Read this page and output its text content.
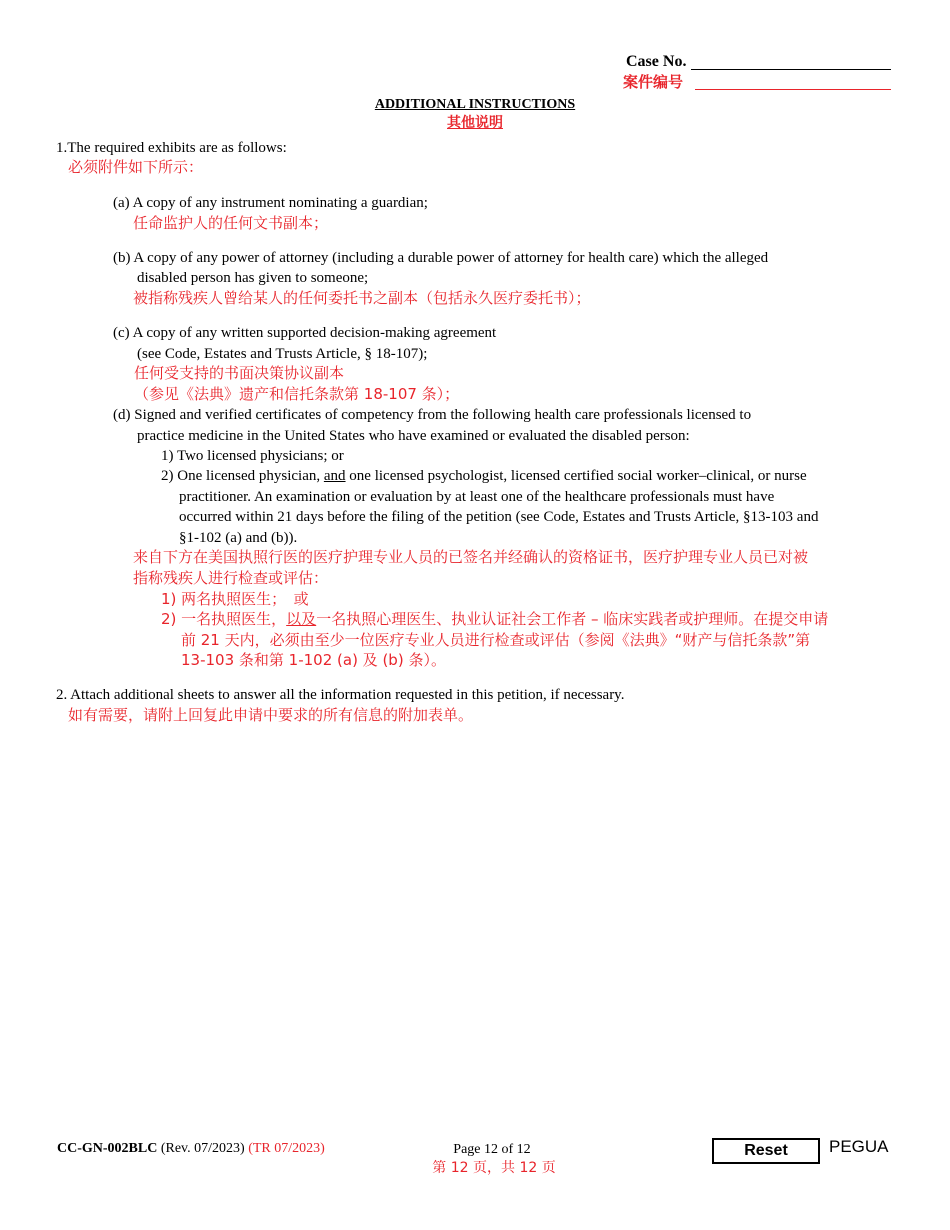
Case No.
案件编号
ADDITIONAL INSTRUCTIONS
其他说明
1.The required exhibits are as follows:
必须附件如下所示：
(a) A copy of any instrument nominating a guardian;
任命监护人的任何文书副本；
(b) A copy of any power of attorney (including a durable power of attorney for health care) which the alleged
disabled person has given to someone;
被指称残疾人曾给某人的任何委托书之副本（包括永久医疗委托书）；
(c) A copy of any written supported decision-making agreement
(see Code, Estates and Trusts Article, § 18-107);
任何受支持的书面决策协议副本
（参见《法典》遗产和信托条款第 18-107 条）；
(d) Signed and verified certificates of competency from the following health care professionals licensed to
practice medicine in the United States who have examined or evaluated the disabled person:
1) Two licensed physicians; or
2) One licensed physician, and one licensed psychologist, licensed certified social worker–clinical, or nurse
practitioner. An examination or evaluation by at least one of the healthcare professionals must have
occurred within 21 days before the filing of the petition (see Code, Estates and Trusts Article, §13-103 and
§1-102 (a) and (b)).
来自下方在美国执照行医的医疗护理专业人员的已签名并经确认的资格证书，医疗护理专业人员已对被
指称残疾人进行检查或评估：
1) 两名执照医生；　或
2) 一名执照医生，以及一名执照心理医生、执业认证社会工作者 – 临床实践者或护理师。在提交申请
前 21 天内，必须由至少一位医疗专业人员进行检查或评估（参阅《法典》“财产与信托条款”第
13-103 条和第 1-102 (a) 及 (b) 条）。
2. Attach additional sheets to answer all the information requested in this petition, if necessary.
如有需要，请附上回复此申请中要求的所有信息的附加表单。
CC-GN-002BLC (Rev. 07/2023) (TR 07/2023)	Page 12 of 12
第 12 页，共 12 页
Reset	PEGUA
